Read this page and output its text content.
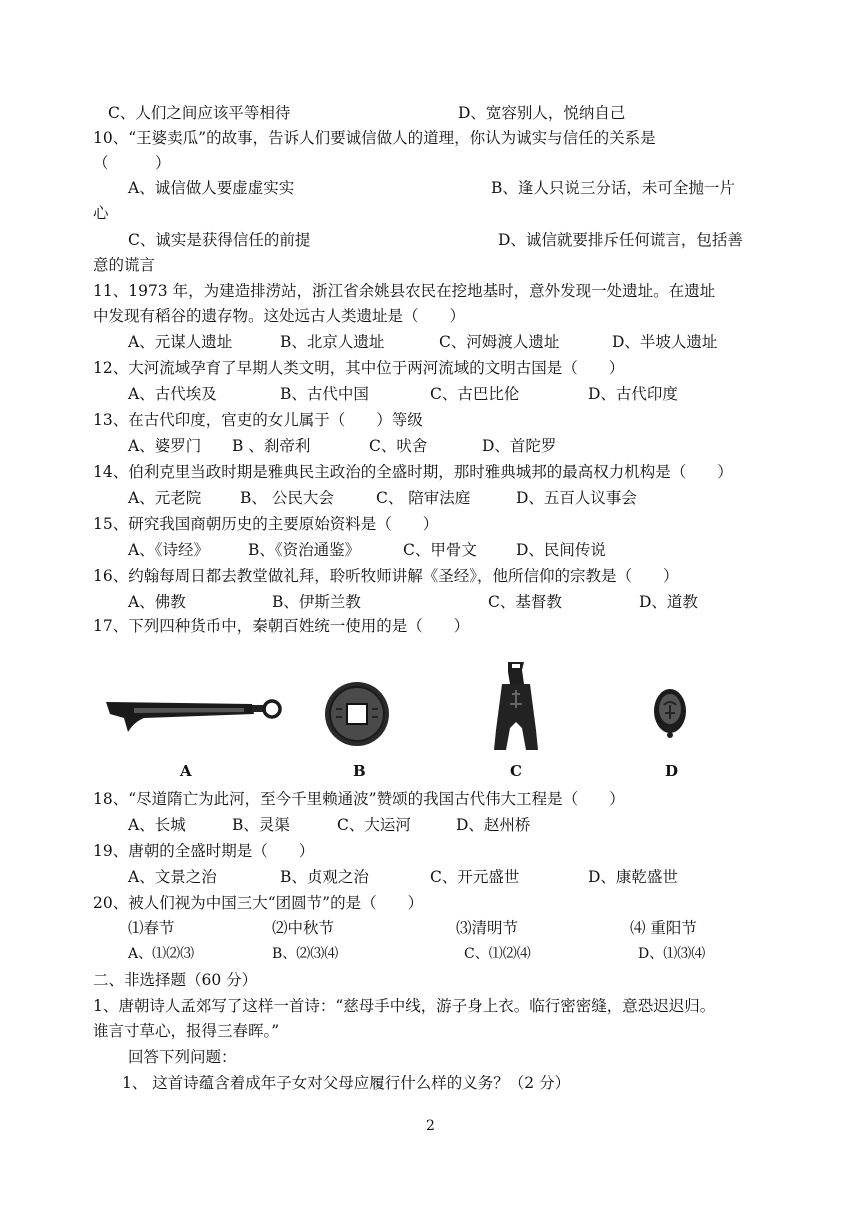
C、人们之间应该平等相待	D、宽容别人，悦纳自己
10、“王婆卖瓜”的故事，告诉人们要诚信做人的道理，你认为诚实与信任的关系是
（　　　）
A、诚信做人要虚虚实实	B、逢人只说三分话，未可全抛一片
心
C、诚实是获得信任的前提	D、诚信就要排斥任何谎言，包括善
意的谎言
11、1973 年，为建造排涝站，浙江省余姚县农民在挖地基时，意外发现一处遗址。在遗址
中发现有稻谷的遗存物。这处远古人类遗址是（　　）
A、元谋人遗址	B、北京人遗址	C、河姆渡人遗址	D、半坡人遗址
12、大河流域孕育了早期人类文明，其中位于两河流域的文明古国是（　　）
A、古代埃及	B、古代中国	C、古巴比伦	D、古代印度
13、在古代印度，官吏的女儿属于（　　）等级
A、婆罗门 B 、刹帝利	C、吠舍	D、首陀罗
14、伯利克里当政时期是雅典民主政治的全盛时期，那时雅典城邦的最高权力机构是（　　）
A、元老院	B、 公民大会	C、 陪审法庭	D、五百人议事会
15、研究我国商朝历史的主要原始资料是（　　）
A、《诗经》	B、《资治通鉴》	C、甲骨文	D、民间传说
16、约翰每周日都去教堂做礼拜，聆听牧师讲解《圣经》，他所信仰的宗教是（　　）
A、佛教	B、伊斯兰教	C、基督教	D、道教
17、下列四种货币中，秦朝百姓统一使用的是（　　）
A	B	C	D
18、“尽道隋亡为此河，至今千里赖通波”赞颂的我国古代伟大工程是（　　）
A、长城	B、灵渠	C、大运河	D、赵州桥
19、唐朝的全盛时期是（　　）
A、文景之治	B、贞观之治	C、开元盛世	D、康乾盛世
20、被人们视为中国三大“团圆节”的是（　　）
⑴春节	⑵中秋节	⑶清明节	⑷ 重阳节
A、⑴⑵⑶	B、⑵⑶⑷	C、⑴⑵⑷	D、⑴⑶⑷
二、非选择题（60 分）
1、唐朝诗人孟郊写了这样一首诗：“慈母手中线，游子身上衣。临行密密缝，意恐迟迟归。
谁言寸草心，报得三春晖。”
回答下列问题：
1、 这首诗蕴含着成年子女对父母应履行什么样的义务？（2 分）
2
